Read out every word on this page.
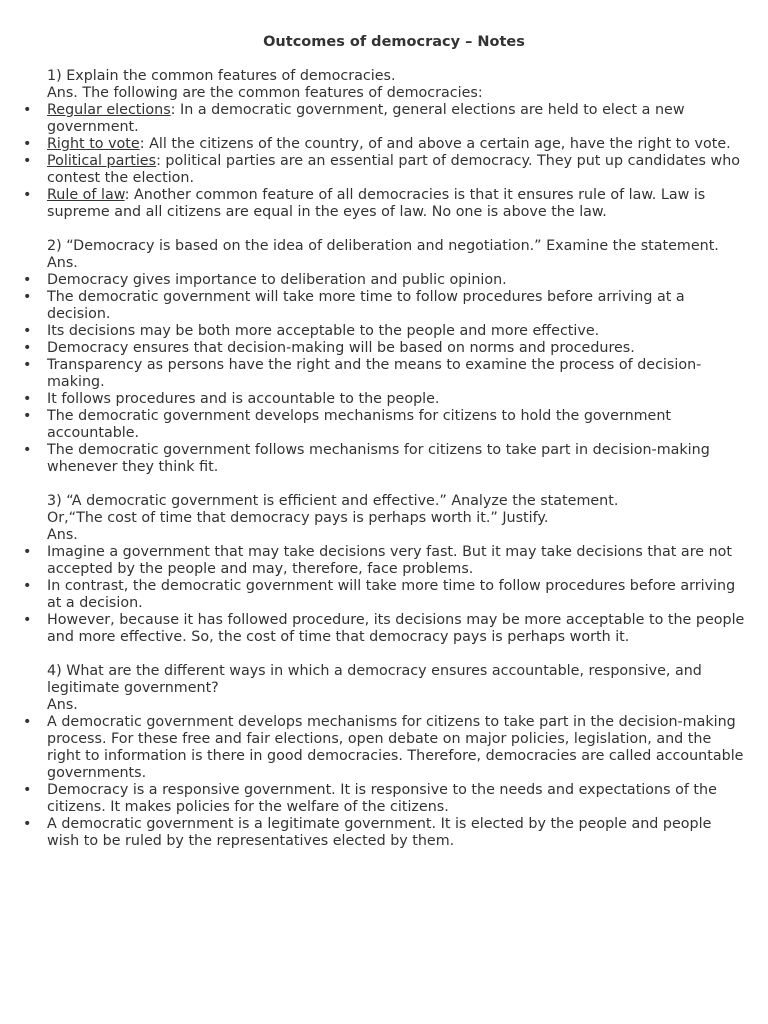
Outcomes of democracy – Notes

1) Explain the common features of democracies.

Ans. The following are the common features of democracies:

• Regular elections: In a democratic government, general elections are held to elect a new government.
• Right to vote: All the citizens of the country, of and above a certain age, have the right to vote.
• Political parties: political parties are an essential part of democracy. They put up candidates who contest the election.
• Rule of law: Another common feature of all democracies is that it ensures rule of law. Law is supreme and all citizens are equal in the eyes of law. No one is above the law.

2) “Democracy is based on the idea of deliberation and negotiation.” Examine the statement.

Ans.

• Democracy gives importance to deliberation and public opinion.
• The democratic government will take more time to follow procedures before arriving at a decision.
• Its decisions may be both more acceptable to the people and more effective.
• Democracy ensures that decision-making will be based on norms and procedures.
• Transparency as persons have the right and the means to examine the process of decision-making.
• It follows procedures and is accountable to the people.
• The democratic government develops mechanisms for citizens to hold the government accountable.
• The democratic government follows mechanisms for citizens to take part in decision-making whenever they think fit.

3) “A democratic government is efficient and effective.” Analyze the statement.

Or,“The cost of time that democracy pays is perhaps worth it.” Justify.

Ans.

• Imagine a government that may take decisions very fast. But it may take decisions that are not accepted by the people and may, therefore, face problems.
• In contrast, the democratic government will take more time to follow procedures before arriving at a decision.
• However, because it has followed procedure, its decisions may be more acceptable to the people and more effective. So, the cost of time that democracy pays is perhaps worth it.

4) What are the different ways in which a democracy ensures accountable, responsive, and legitimate government?

Ans.

• A democratic government develops mechanisms for citizens to take part in the decision-making process. For these free and fair elections, open debate on major policies, legislation, and the right to information is there in good democracies. Therefore, democracies are called accountable governments.
• Democracy is a responsive government. It is responsive to the needs and expectations of the citizens. It makes policies for the welfare of the citizens.
• A democratic government is a legitimate government. It is elected by the people and people wish to be ruled by the representatives elected by them.
